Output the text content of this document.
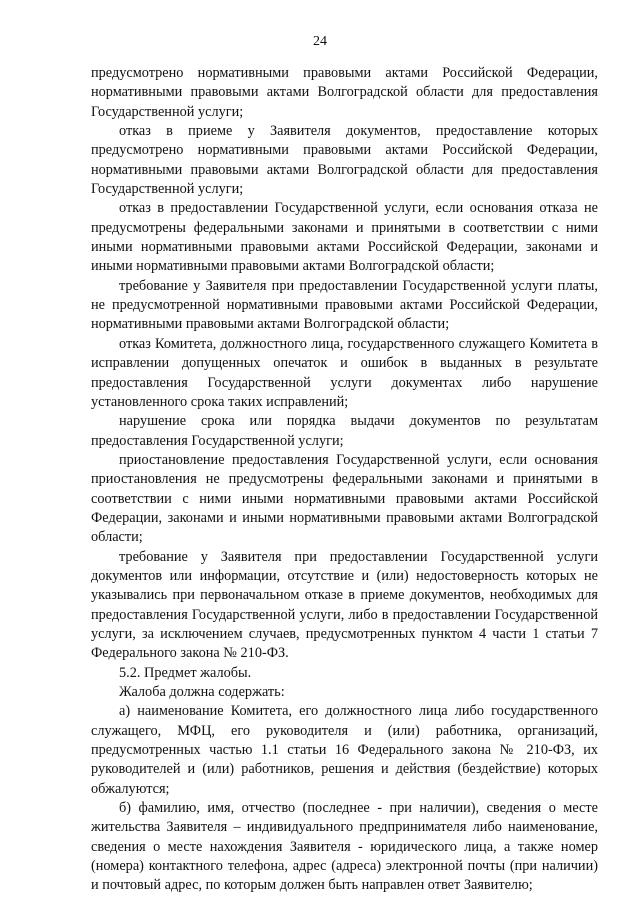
24

предусмотрено нормативными правовыми актами Российской Федерации, нормативными правовыми актами Волгоградской области для предоставления Государственной услуги;

отказ в приеме у Заявителя документов, предоставление которых предусмотрено нормативными правовыми актами Российской Федерации, нормативными правовыми актами Волгоградской области для предоставления Государственной услуги;

отказ в предоставлении Государственной услуги, если основания отказа не предусмотрены федеральными законами и принятыми в соответствии с ними иными нормативными правовыми актами Российской Федерации, законами и иными нормативными правовыми актами Волгоградской области;

требование у Заявителя при предоставлении Государственной услуги платы, не предусмотренной нормативными правовыми актами Российской Федерации, нормативными правовыми актами Волгоградской области;

отказ Комитета, должностного лица, государственного служащего Комитета в исправлении допущенных опечаток и ошибок в выданных в результате предоставления Государственной услуги документах либо нарушение установленного срока таких исправлений;

нарушение срока или порядка выдачи документов по результатам предоставления Государственной услуги;

приостановление предоставления Государственной услуги, если основания приостановления не предусмотрены федеральными законами и принятыми в соответствии с ними иными нормативными правовыми актами Российской Федерации, законами и иными нормативными правовыми актами Волгоградской области;

требование у Заявителя при предоставлении Государственной услуги документов или информации, отсутствие и (или) недостоверность которых не указывались при первоначальном отказе в приеме документов, необходимых для предоставления Государственной услуги, либо в предоставлении Государственной услуги, за исключением случаев, предусмотренных пунктом 4 части 1 статьи 7 Федерального закона № 210-ФЗ.

5.2. Предмет жалобы.

Жалоба должна содержать:

а) наименование Комитета, его должностного лица либо государственного служащего, МФЦ, его руководителя и (или) работника, организаций, предусмотренных частью 1.1 статьи 16 Федерального закона № 210-ФЗ, их руководителей и (или) работников, решения и действия (бездействие) которых обжалуются;

б) фамилию, имя, отчество (последнее - при наличии), сведения о месте жительства Заявителя – индивидуального предпринимателя либо наименование, сведения о месте нахождения Заявителя - юридического лица, а также номер (номера) контактного телефона, адрес (адреса) электронной почты (при наличии) и почтовый адрес, по которым должен быть направлен ответ Заявителю;
